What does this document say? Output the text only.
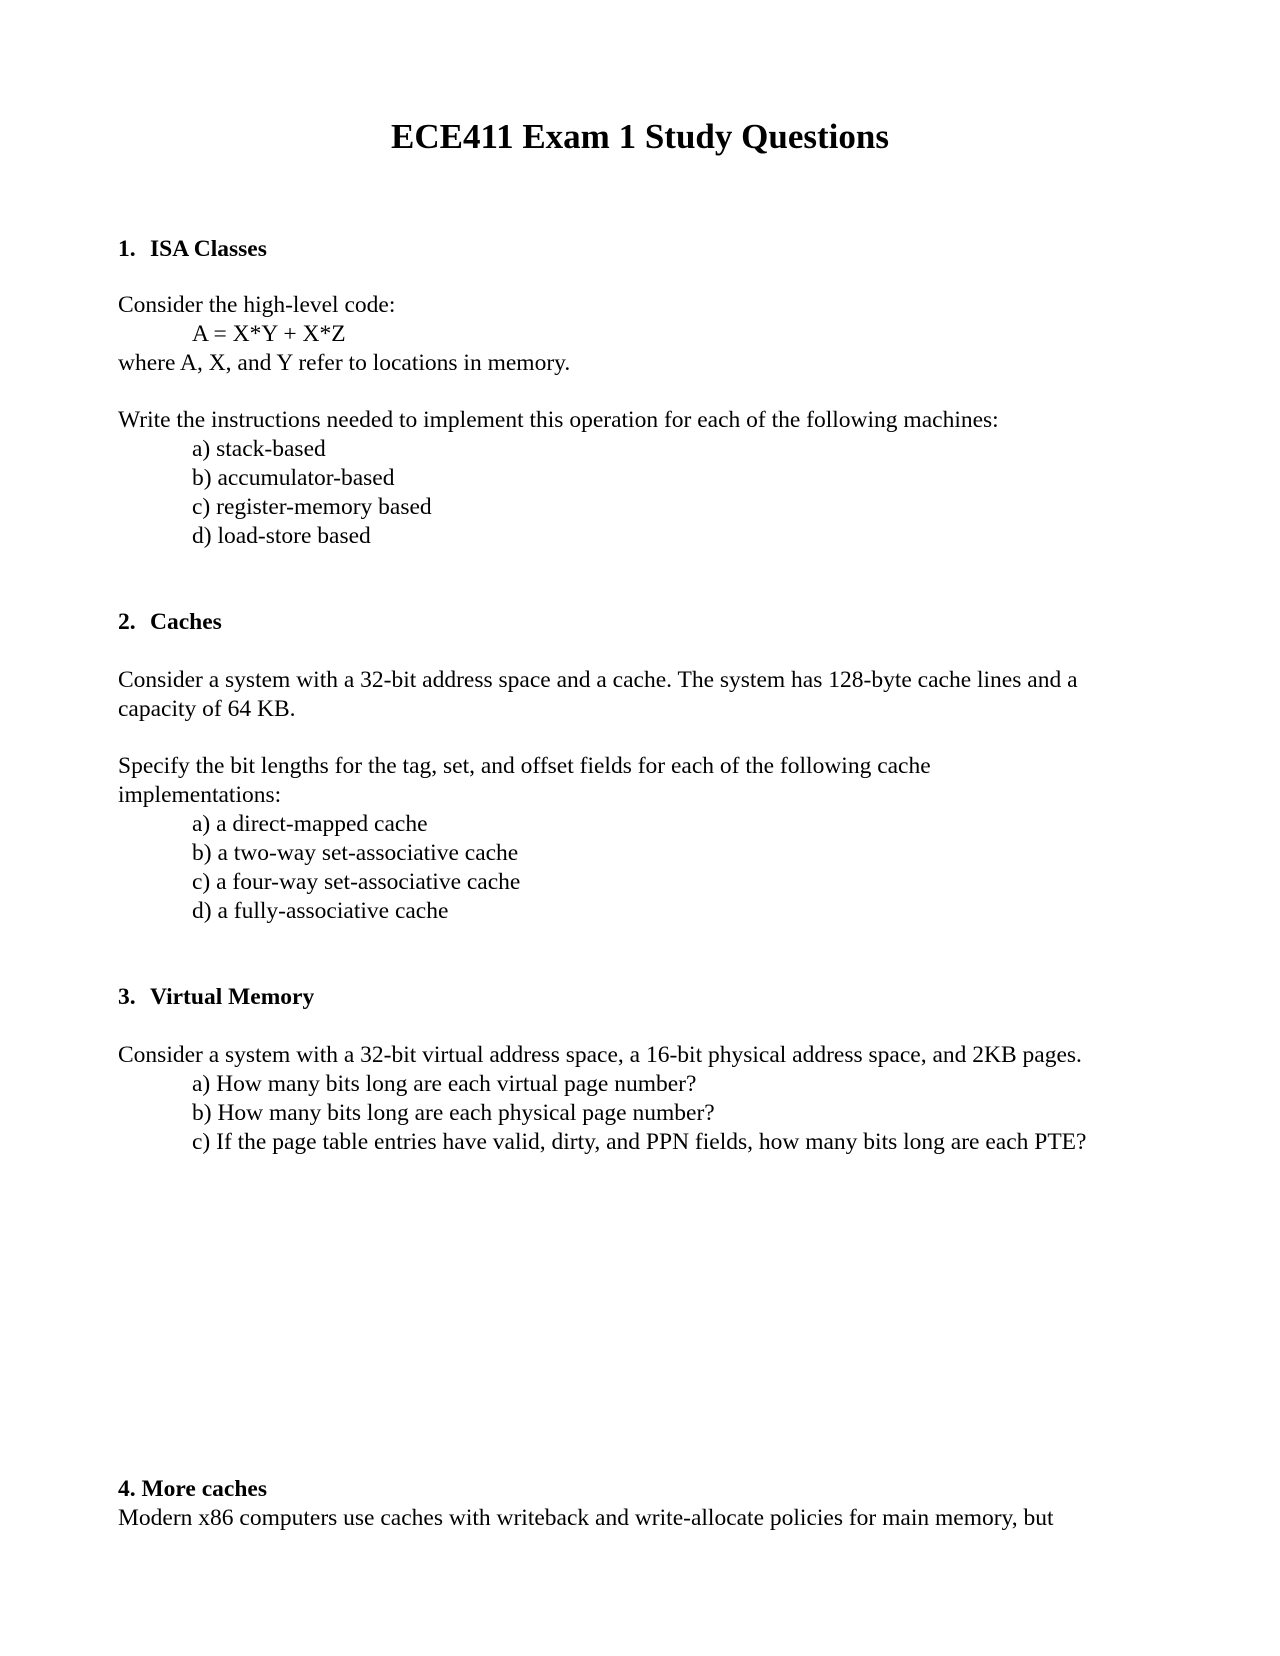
ECE411 Exam 1 Study Questions
1. ISA Classes
Consider the high-level code:
A = X*Y + X*Z
where A, X, and Y refer to locations in memory.
Write the instructions needed to implement this operation for each of the following machines:
a) stack-based
b) accumulator-based
c) register-memory based
d) load-store based
2. Caches
Consider a system with a 32-bit address space and a cache. The system has 128-byte cache lines and a
capacity of 64 KB.
Specify the bit lengths for the tag, set, and offset fields for each of the following cache
implementations:
a) a direct-mapped cache
b) a two-way set-associative cache
c) a four-way set-associative cache
d) a fully-associative cache
3. Virtual Memory
Consider a system with a 32-bit virtual address space, a 16-bit physical address space, and 2KB pages.
a) How many bits long are each virtual page number?
b) How many bits long are each physical page number?
c) If the page table entries have valid, dirty, and PPN fields, how many bits long are each PTE?
4. More caches
Modern x86 computers use caches with writeback and write-allocate policies for main memory, but
